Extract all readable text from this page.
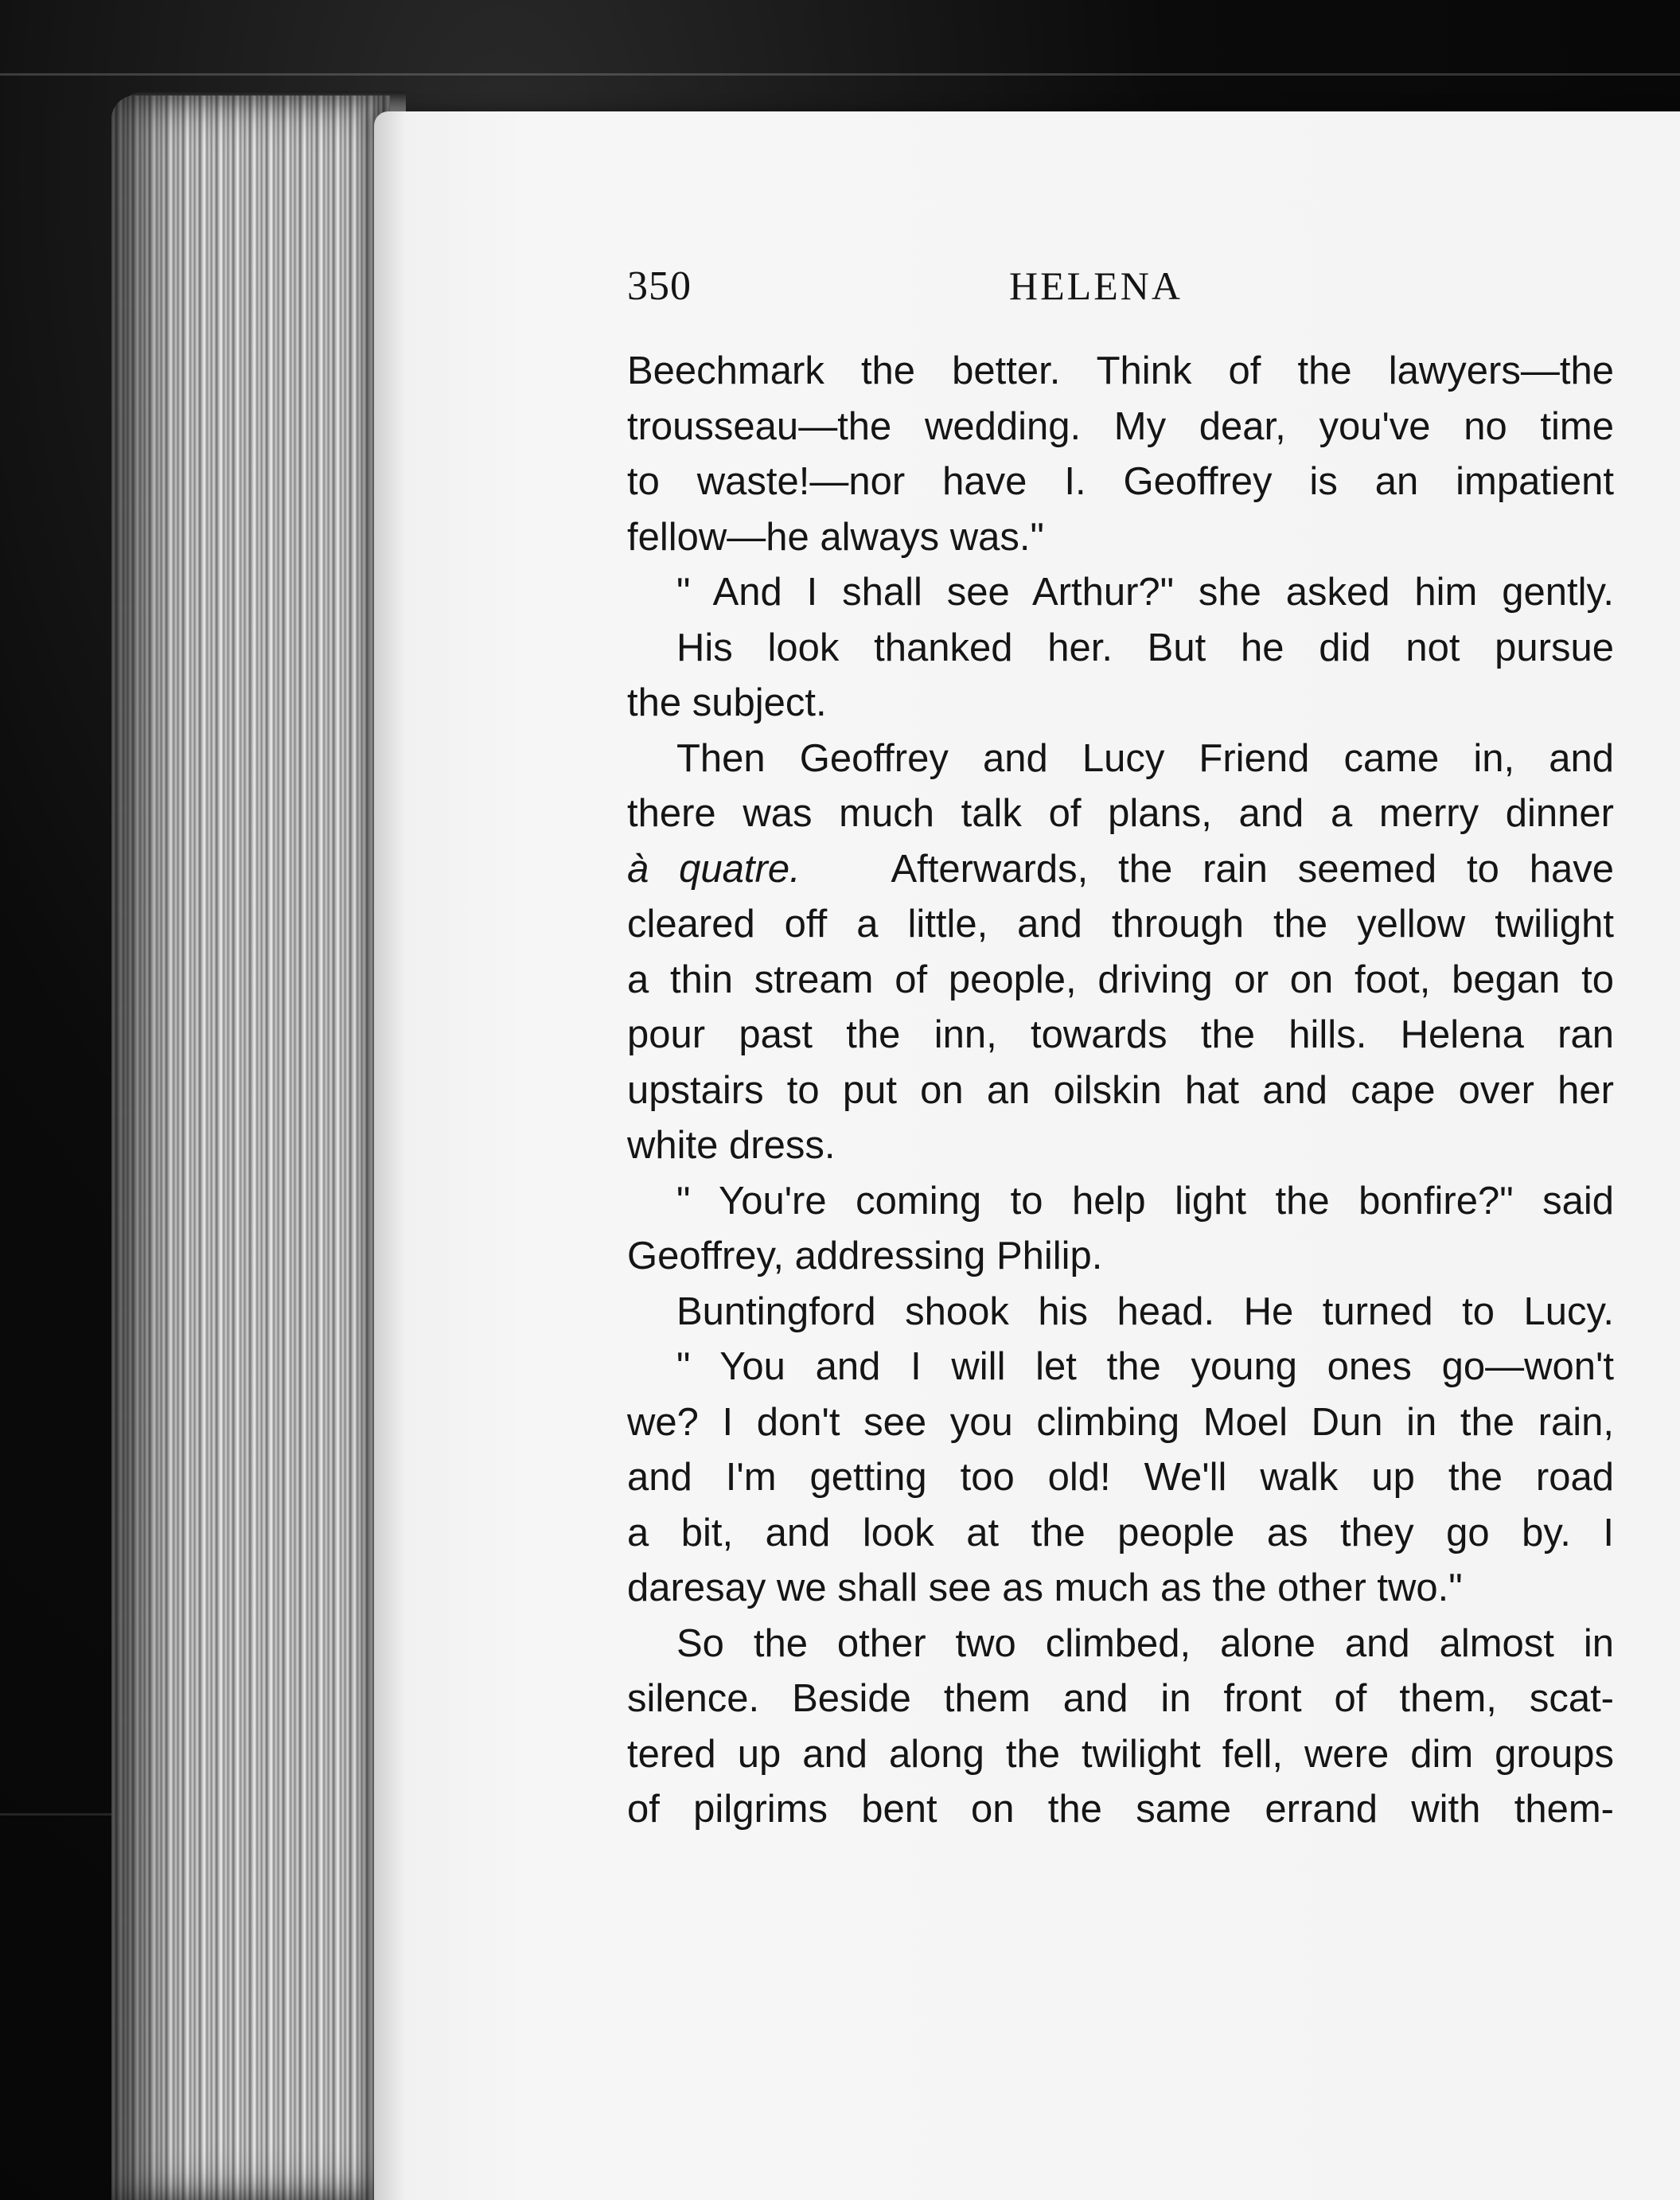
350	HELENA
Beechmark the better. Think of the lawyers—the
trousseau—the wedding. My dear, you've no time
to waste!—nor have I. Geoffrey is an impatient
fellow—he always was."
" And I shall see Arthur?" she asked him gently.
His look thanked her. But he did not pursue
the subject.
Then Geoffrey and Lucy Friend came in, and
there was much talk of plans, and a merry dinner
à quatre. Afterwards, the rain seemed to have
cleared off a little, and through the yellow twilight
a thin stream of people, driving or on foot, began to
pour past the inn, towards the hills. Helena ran
upstairs to put on an oilskin hat and cape over her
white dress.
" You're coming to help light the bonfire?" said
Geoffrey, addressing Philip.
Buntingford shook his head. He turned to Lucy.
" You and I will let the young ones go—won't
we? I don't see you climbing Moel Dun in the rain,
and I'm getting too old! We'll walk up the road
a bit, and look at the people as they go by. I
daresay we shall see as much as the other two."
So the other two climbed, alone and almost in
silence. Beside them and in front of them, scat-
tered up and along the twilight fell, were dim groups
of pilgrims bent on the same errand with them-
